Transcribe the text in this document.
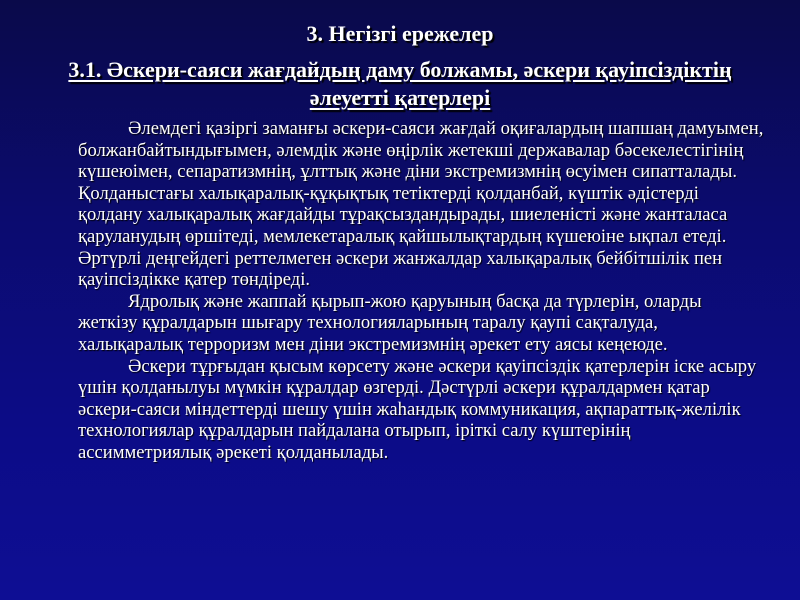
3. Негізгі ережелер
3.1. Әскери-саяси жағдайдың даму болжамы, әскери қауіпсіздіктің әлеуетті қатерлері

Әлемдегі қазіргі заманғы әскери-саяси жағдай оқиғалардың шапшаң дамуымен, болжанбайтындығымен, әлемдік және өңірлік жетекші державалар бәсекелестігінің күшеюімен, сепаратизмнің, ұлттық және діни экстремизмнің өсуімен сипатталады. Қолданыстағы халықаралық-құқықтық тетіктерді қолданбай, күштік әдістерді қолдану халықаралық жағдайды тұрақсыздандырады, шиеленісті және жанталаса қаруланудың өршітеді, мемлекетаралық қайшылықтардың күшеюіне ықпал етеді. Әртүрлі деңгейдегі реттелмеген әскери жанжалдар халықаралық бейбітшілік пен қауіпсіздікке қатер төндіреді.

Ядролық және жаппай қырып-жою қаруының басқа да түрлерін, оларды жеткізу құралдарын шығару технологияларының таралу қаупі сақталуда, халықаралық терроризм мен діни экстремизмнің әрекет ету аясы кеңеюде.

Әскери тұрғыдан қысым көрсету және әскери қауіпсіздік қатерлерін іске асыру үшін қолданылуы мүмкін құралдар өзгерді. Дәстүрлі әскери құралдармен қатар әскери-саяси міндеттерді шешу үшін жаһандық коммуникация, ақпараттық-желілік технологиялар құралдарын пайдалана отырып, іріткі салу күштерінің ассимметриялық әрекеті қолданылады.
